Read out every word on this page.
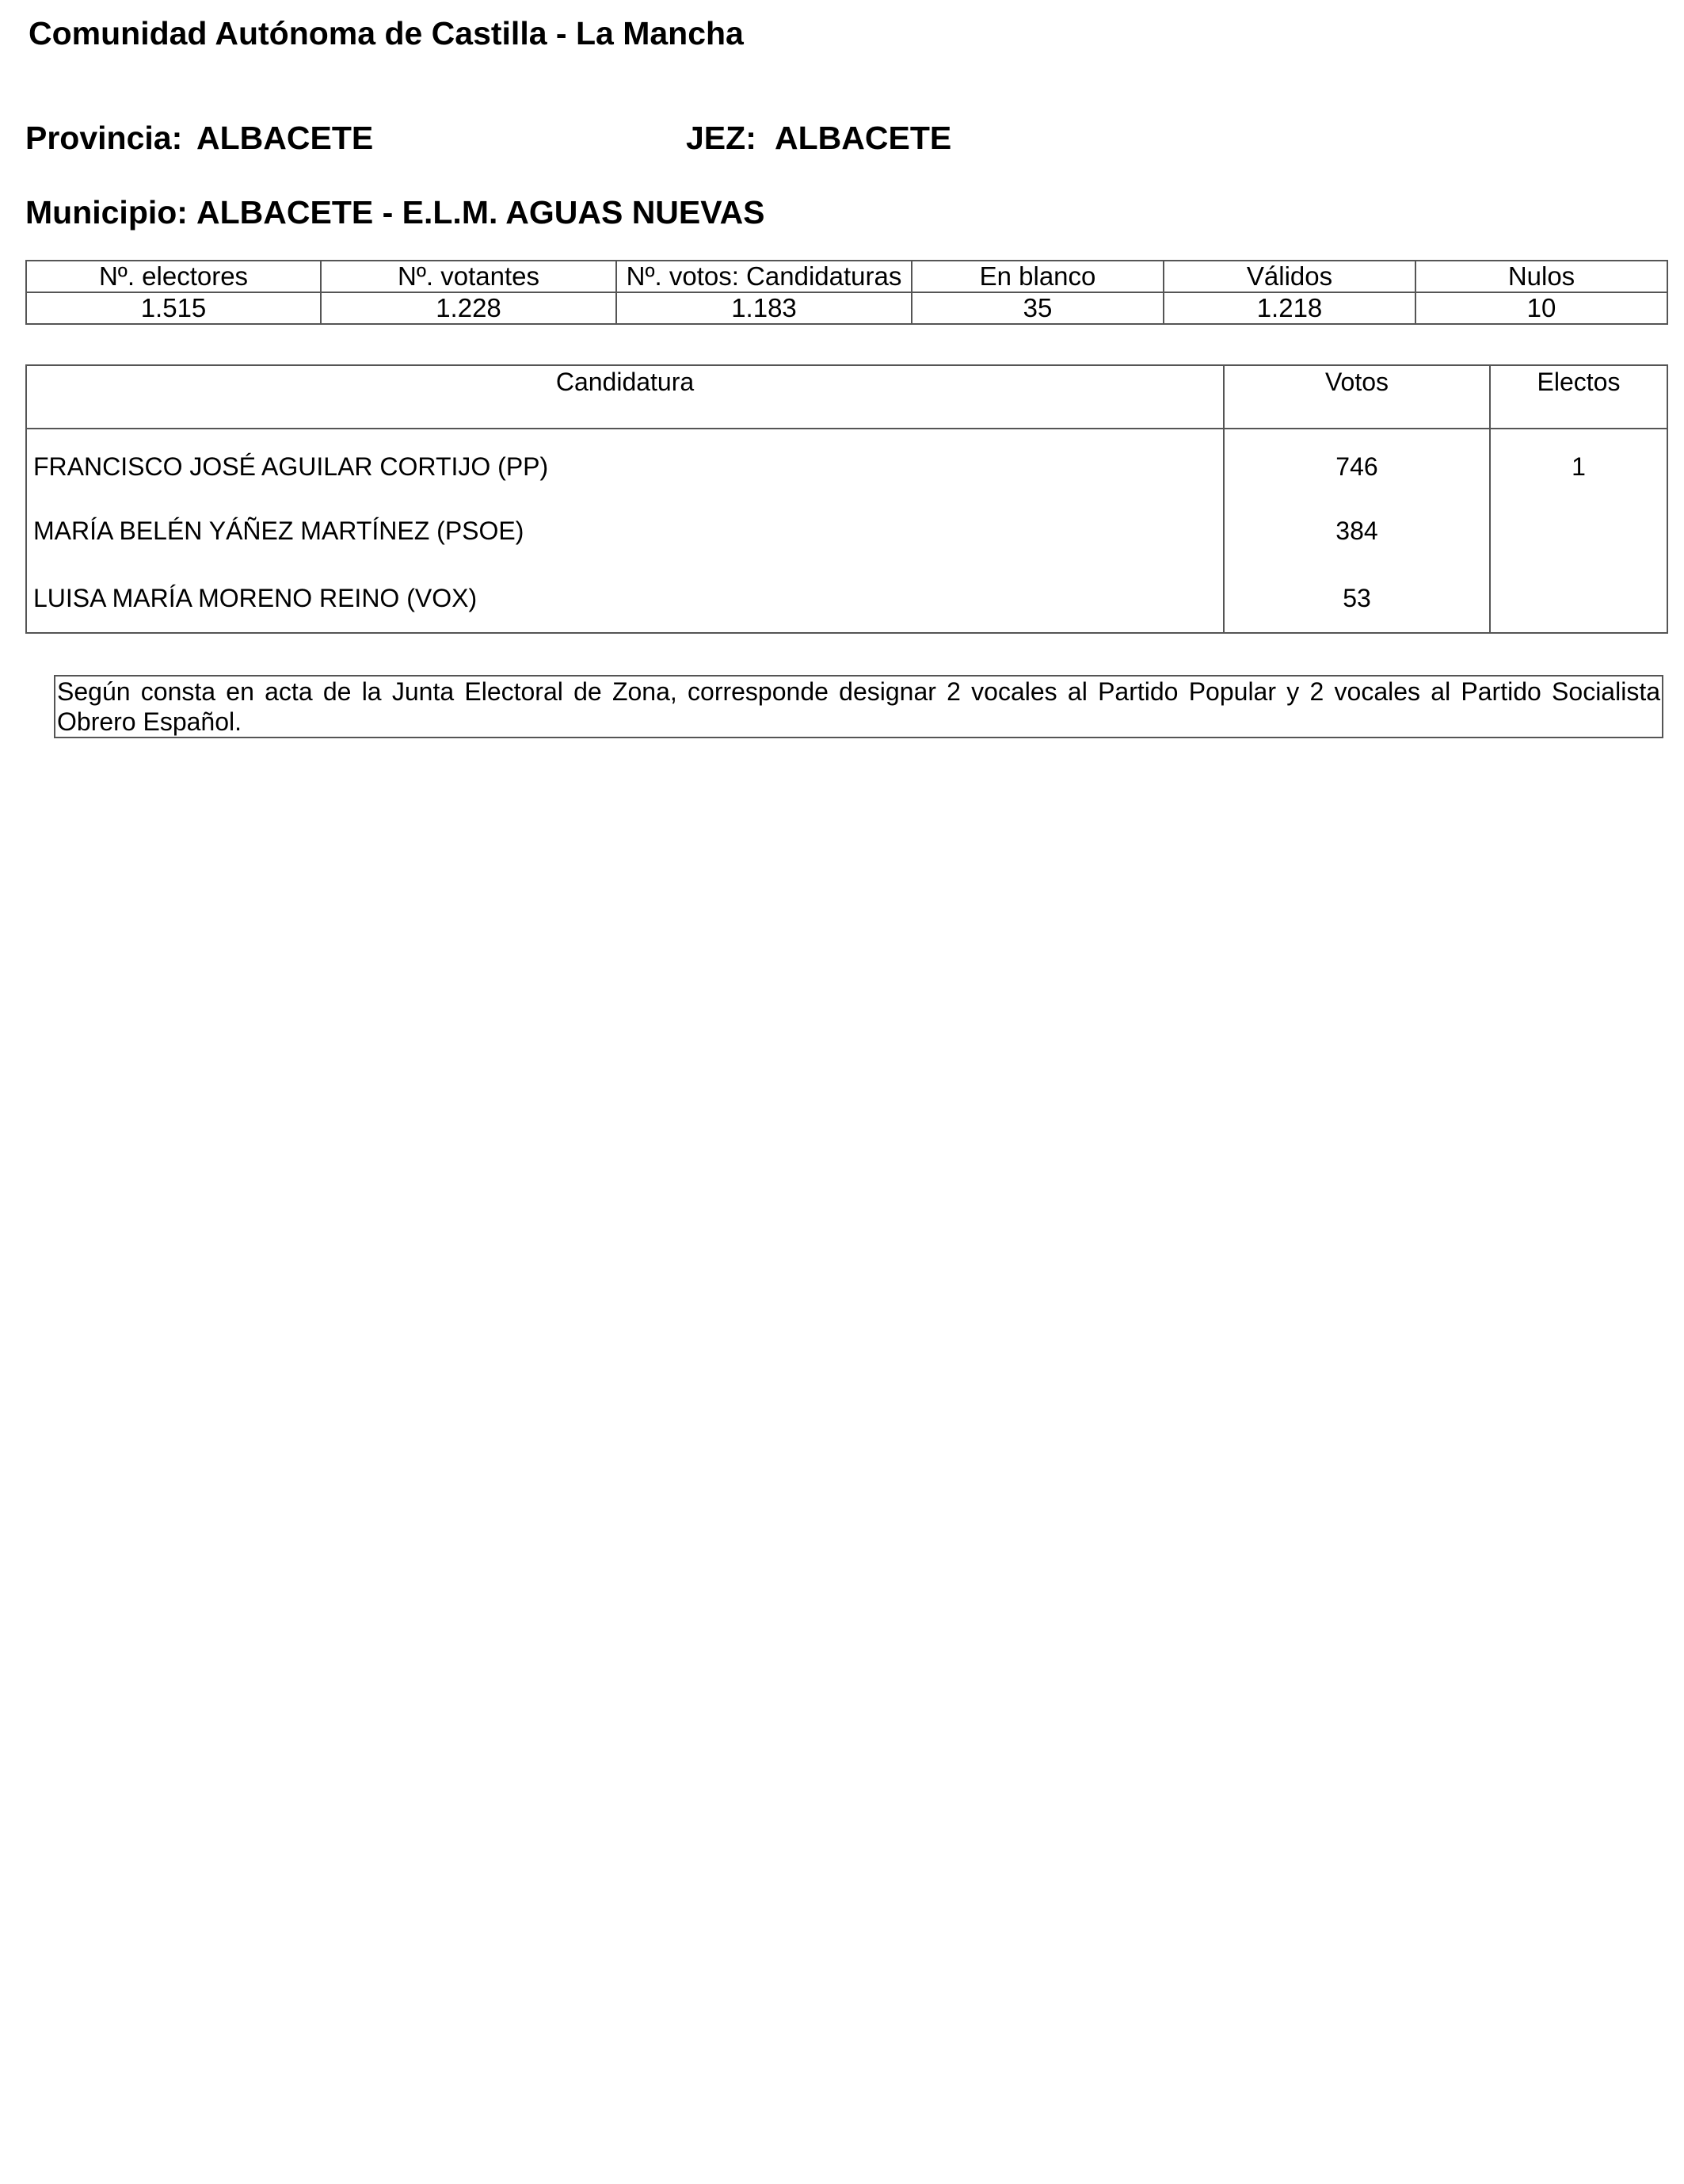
Comunidad Autónoma de Castilla - La Mancha
Provincia: ALBACETE	JEZ: ALBACETE
Municipio: ALBACETE - E.L.M. AGUAS NUEVAS
Nº. electores	Nº. votantes	Nº. votos: Candidaturas	En blanco	Válidos	Nulos
1.515	1.228	1.183	35	1.218	10
Candidatura	Votos	Electos
FRANCISCO JOSÉ AGUILAR CORTIJO (PP)	746	1
MARÍA BELÉN YÁÑEZ MARTÍNEZ (PSOE)	384	
LUISA MARÍA MORENO REINO (VOX)	53	
Según consta en acta de la Junta Electoral de Zona, corresponde designar 2 vocales al Partido Popular y 2 vocales al Partido Socialista Obrero Español.
